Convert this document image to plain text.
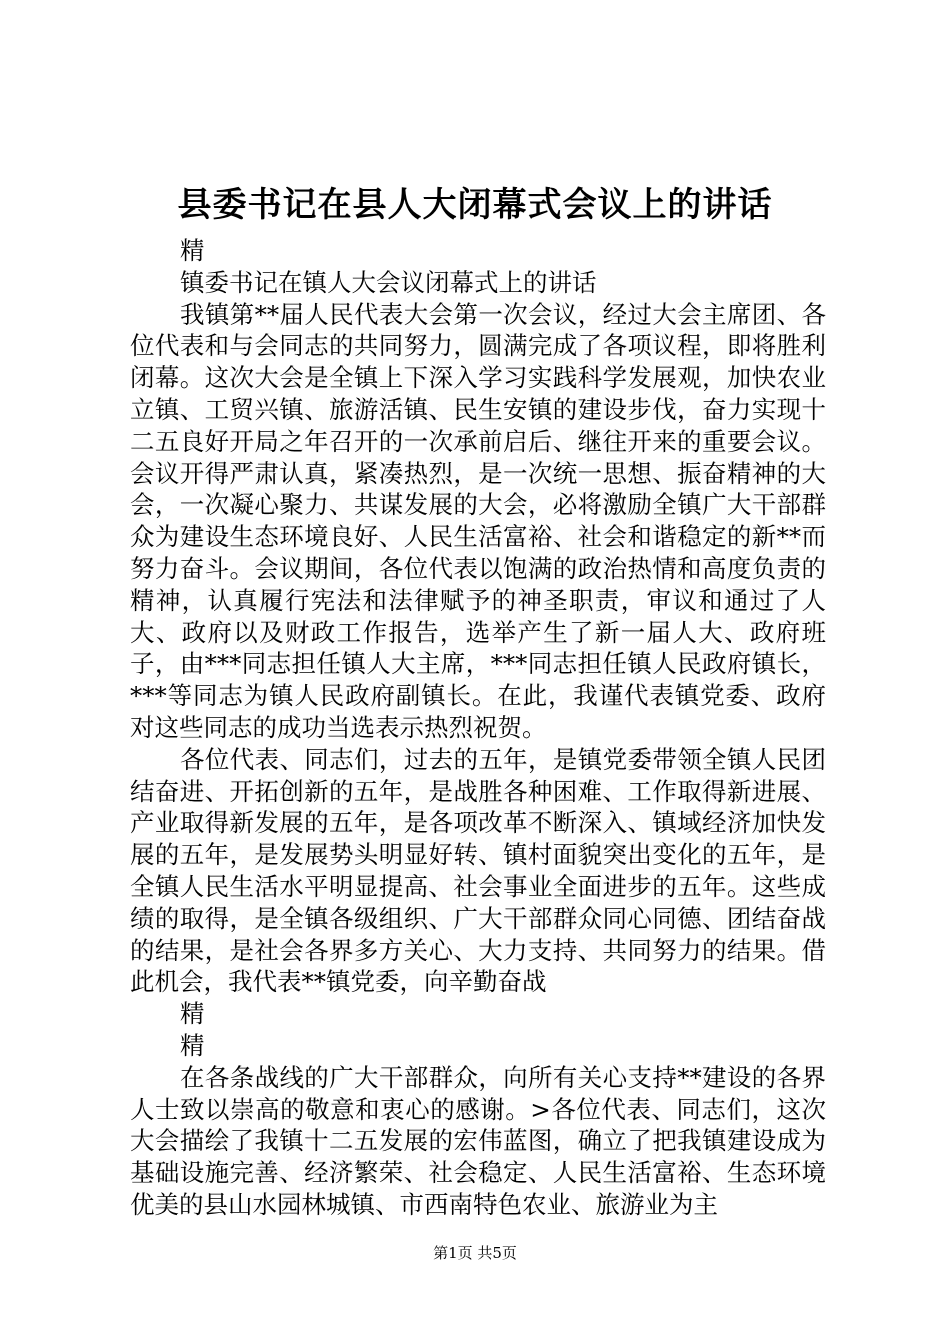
县委书记在县人大闭幕式会议上的讲话

精

镇委书记在镇人大会议闭幕式上的讲话

我镇第**届人民代表大会第一次会议，经过大会主席团、各位代表和与会同志的共同努力，圆满完成了各项议程，即将胜利闭幕。这次大会是全镇上下深入学习实践科学发展观，加快农业立镇、工贸兴镇、旅游活镇、民生安镇的建设步伐，奋力实现十二五良好开局之年召开的一次承前启后、继往开来的重要会议。会议开得严肃认真，紧凑热烈，是一次统一思想、振奋精神的大会，一次凝心聚力、共谋发展的大会，必将激励全镇广大干部群众为建设生态环境良好、人民生活富裕、社会和谐稳定的新**而努力奋斗。会议期间，各位代表以饱满的政治热情和高度负责的精神，认真履行宪法和法律赋予的神圣职责，审议和通过了人大、政府以及财政工作报告，选举产生了新一届人大、政府班子，由***同志担任镇人大主席，***同志担任镇人民政府镇长，***等同志为镇人民政府副镇长。在此，我谨代表镇党委、政府对这些同志的成功当选表示热烈祝贺。

各位代表、同志们，过去的五年，是镇党委带领全镇人民团结奋进、开拓创新的五年，是战胜各种困难、工作取得新进展、产业取得新发展的五年，是各项改革不断深入、镇域经济加快发展的五年，是发展势头明显好转、镇村面貌突出变化的五年，是全镇人民生活水平明显提高、社会事业全面进步的五年。这些成绩的取得，是全镇各级组织、广大干部群众同心同德、团结奋战的结果，是社会各界多方关心、大力支持、共同努力的结果。借此机会，我代表**镇党委，向辛勤奋战

精

精

在各条战线的广大干部群众，向所有关心支持**建设的各界人士致以崇高的敬意和衷心的感谢。>各位代表、同志们，这次大会描绘了我镇十二五发展的宏伟蓝图，确立了把我镇建设成为基础设施完善、经济繁荣、社会稳定、人民生活富裕、生态环境优美的县山水园林城镇、市西南特色农业、旅游业为主

第1页 共5页
